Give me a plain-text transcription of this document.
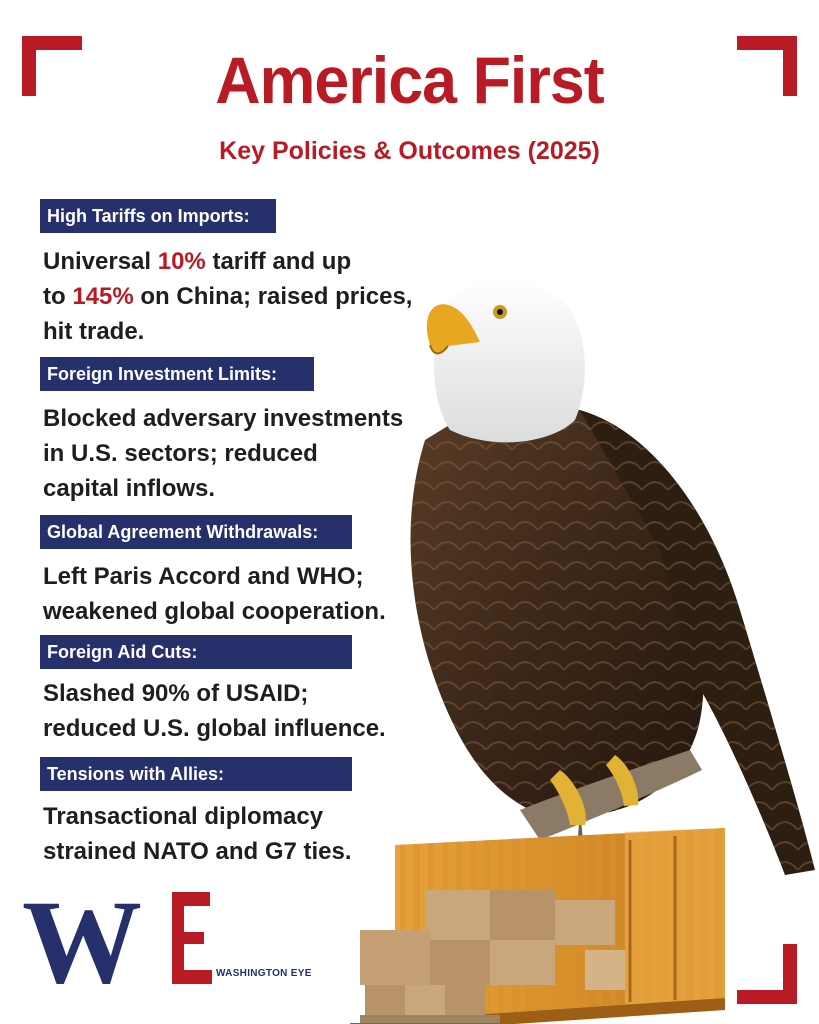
America First
Key Policies & Outcomes (2025)
High Tariffs on Imports:
Universal 10% tariff and up
to 145% on China; raised prices,
hit trade.
Foreign Investment Limits:
Blocked adversary investments
in U.S. sectors; reduced
capital inflows.
Global Agreement Withdrawals:
Left Paris Accord and WHO;
weakened global cooperation.
Foreign Aid Cuts:
Slashed 90% of USAID;
reduced U.S. global influence.
Tensions with Allies:
Transactional diplomacy
strained NATO and G7 ties.
W	WASHINGTON EYE
